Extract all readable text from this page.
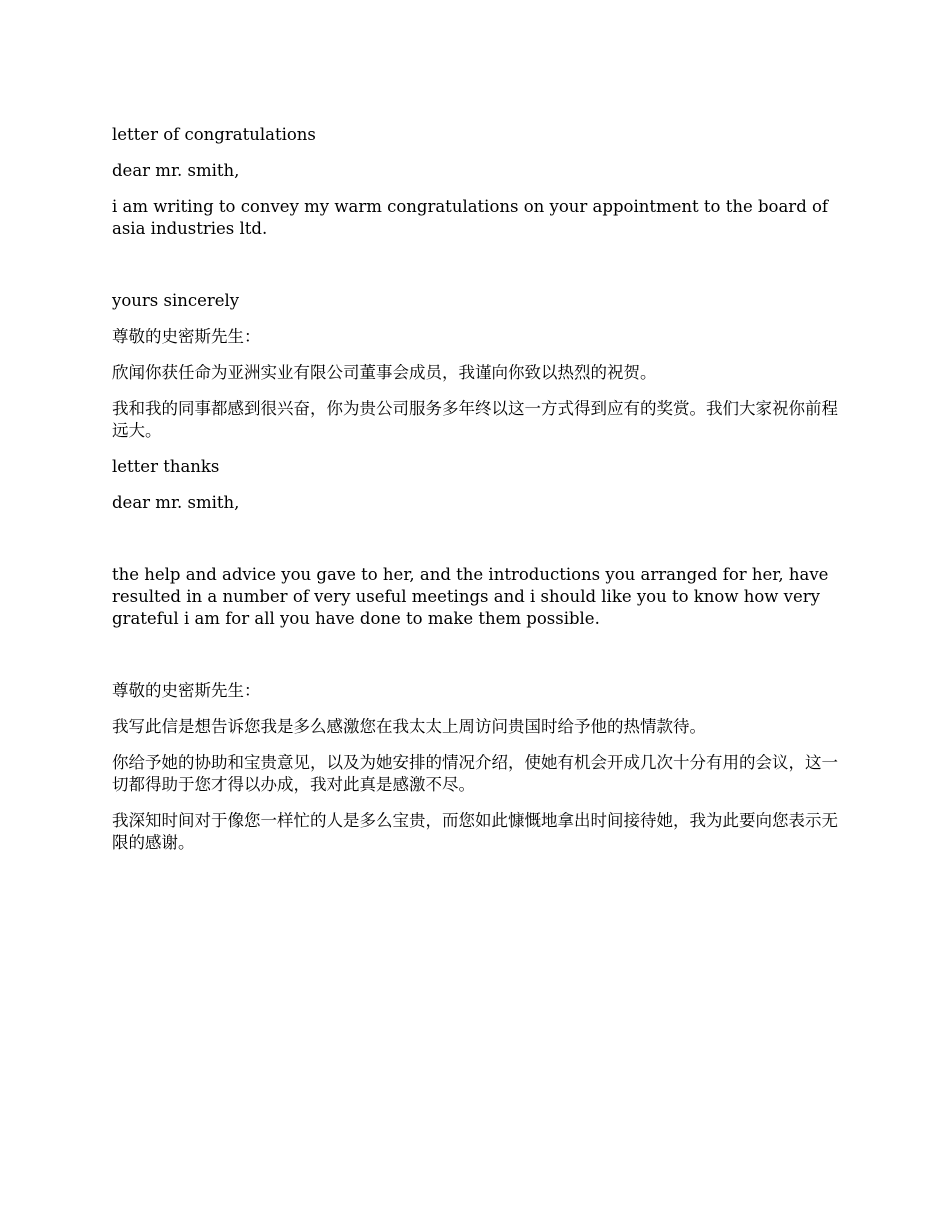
letter of congratulations

dear mr. smith,

i am writing to convey my warm congratulations on your appointment to the board of asia industries ltd.

yours sincerely

尊敬的史密斯先生：

欣闻你获任命为亚洲实业有限公司董事会成员，我谨向你致以热烈的祝贺。

我和我的同事都感到很兴奋，你为贵公司服务多年终以这一方式得到应有的奖赏。我们大家祝你前程远大。

letter thanks

dear mr. smith,

the help and advice you gave to her, and the introductions you arranged for her, have resulted in a number of very useful meetings and i should like you to know how very grateful i am for all you have done to make them possible.

尊敬的史密斯先生：

我写此信是想告诉您我是多么感激您在我太太上周访问贵国时给予他的热情款待。

你给予她的协助和宝贵意见，以及为她安排的情况介绍，使她有机会开成几次十分有用的会议，这一切都得助于您才得以办成，我对此真是感激不尽。

我深知时间对于像您一样忙的人是多么宝贵，而您如此慷慨地拿出时间接待她，我为此要向您表示无限的感谢。
